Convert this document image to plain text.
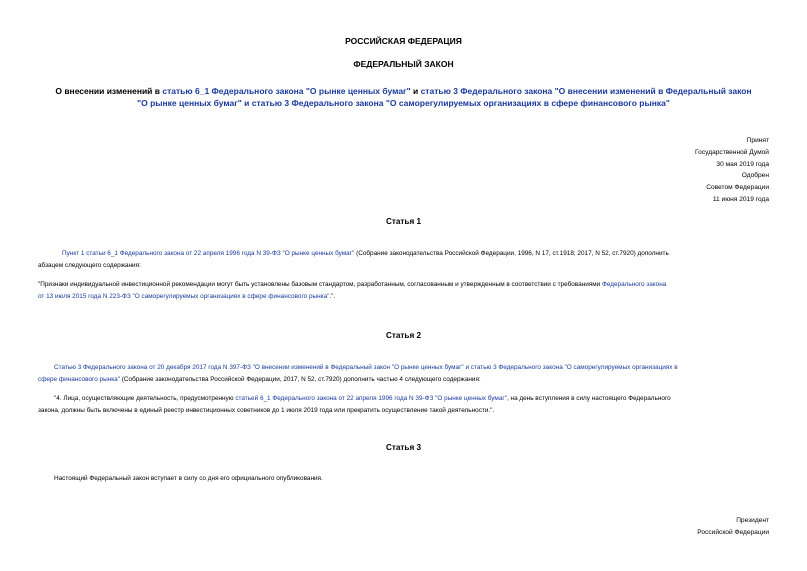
РОССИЙСКАЯ ФЕДЕРАЦИЯ
ФЕДЕРАЛЬНЫЙ ЗАКОН
О внесении изменений в статью 6_1 Федерального закона "О рынке ценных бумаг" и статью 3 Федерального закона "О внесении изменений в Федеральный закон
"О рынке ценных бумаг" и статью 3 Федерального закона "О саморегулируемых организациях в сфере финансового рынка"
Принят
Государственной Думой
30 мая 2019 года
Одобрен
Советом Федерации
11 июня 2019 года
Статья 1
Пункт 1 статьи 6_1 Федерального закона от 22 апреля 1996 года N 39-ФЗ "О рынке ценных бумаг" (Собрание законодательства Российской Федерации, 1996, N 17, ст.1918; 2017, N 52, ст.7920) дополнить
абзацем следующего содержания:
"Признаки индивидуальной инвестиционной рекомендации могут быть установлены базовым стандартом, разработанным, согласованным и утвержденным в соответствии с требованиями Федерального закона
от 13 июля 2015 года N 223-ФЗ "О саморегулируемых организациях в сфере финансового рынка".".
Статья 2
Статью 3 Федерального закона от 20 декабря 2017 года N 397-ФЗ "О внесении изменений в Федеральный закон "О рынке ценных бумаг" и статью 3 Федерального закона "О саморегулируемых организациях в
сфере финансового рынка" (Собрание законодательства Российской Федерации, 2017, N 52, ст.7920) дополнить частью 4 следующего содержания:
"4. Лица, осуществляющие деятельность, предусмотренную статьей 6_1 Федерального закона от 22 апреля 1996 года N 39-ФЗ "О рынке ценных бумаг", на день вступления в силу настоящего Федерального
закона, должны быть включены в единый реестр инвестиционных советников до 1 июля 2019 года или прекратить осуществление такой деятельности.".
Статья 3
Настоящий Федеральный закон вступает в силу со дня его официального опубликования.
Президент
Российской Федерации
